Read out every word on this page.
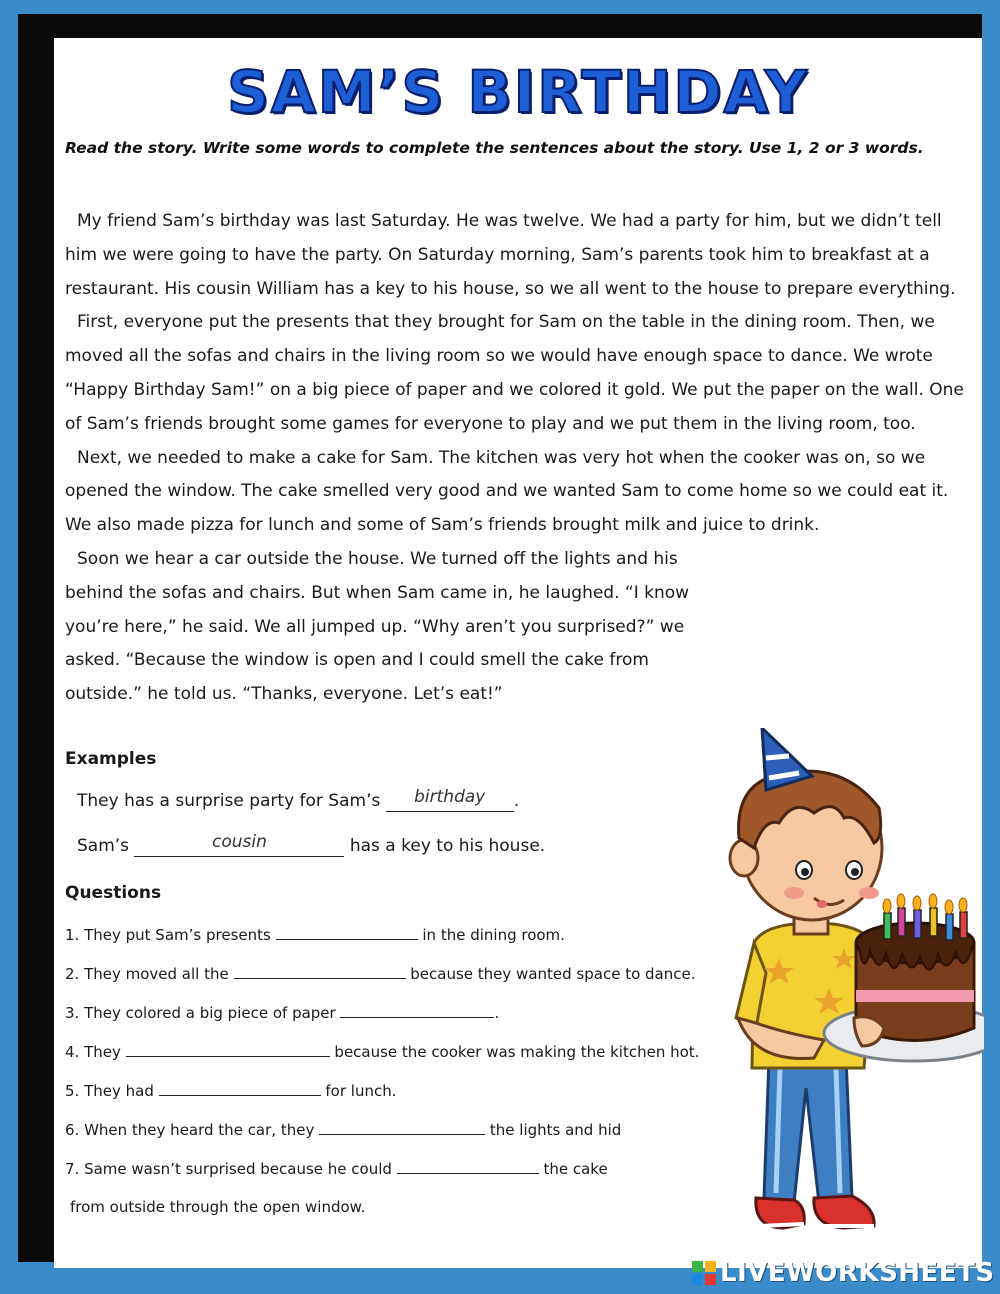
SAM’S BIRTHDAY
Read the story. Write some words to complete the sentences about the story. Use 1, 2 or 3 words.

My friend Sam’s birthday was last Saturday. He was twelve. We had a party for him, but we didn’t tell him we were going to have the party. On Saturday morning, Sam’s parents took him to breakfast at a restaurant. His cousin William has a key to his house, so we all went to the house to prepare everything.

First, everyone put the presents that they brought for Sam on the table in the dining room. Then, we moved all the sofas and chairs in the living room so we would have enough space to dance. We wrote “Happy Birthday Sam!” on a big piece of paper and we colored it gold. We put the paper on the wall. One of Sam’s friends brought some games for everyone to play and we put them in the living room, too.

Next, we needed to make a cake for Sam. The kitchen was very hot when the cooker was on, so we opened the window. The cake smelled very good and we wanted Sam to come home so we could eat it. We also made pizza for lunch and some of Sam’s friends brought milk and juice to drink.

Soon we hear a car outside the house. We turned off the lights and his behind the sofas and chairs. But when Sam came in, he laughed. “I know you’re here,” he said. We all jumped up. “Why aren’t you surprised?” we asked. “Because the window is open and I could smell the cake from outside.” he told us. “Thanks, everyone. Let’s eat!”

Examples
They has a surprise party for Sam’s birthday .
Sam’s	cousin	has a key to his house.
Questions
1. They put Sam’s presents	in the dining room.
2. They moved all the	because they wanted space to dance.
3. They colored a big piece of paper	.
4. They	because the cooker was making the kitchen hot.
5. They had	for lunch.
6. When they heard the car, they	the lights and hid
7. Same wasn’t surprised because he could	the cake
from outside through the open window.
LIVEWORKSHEETS
